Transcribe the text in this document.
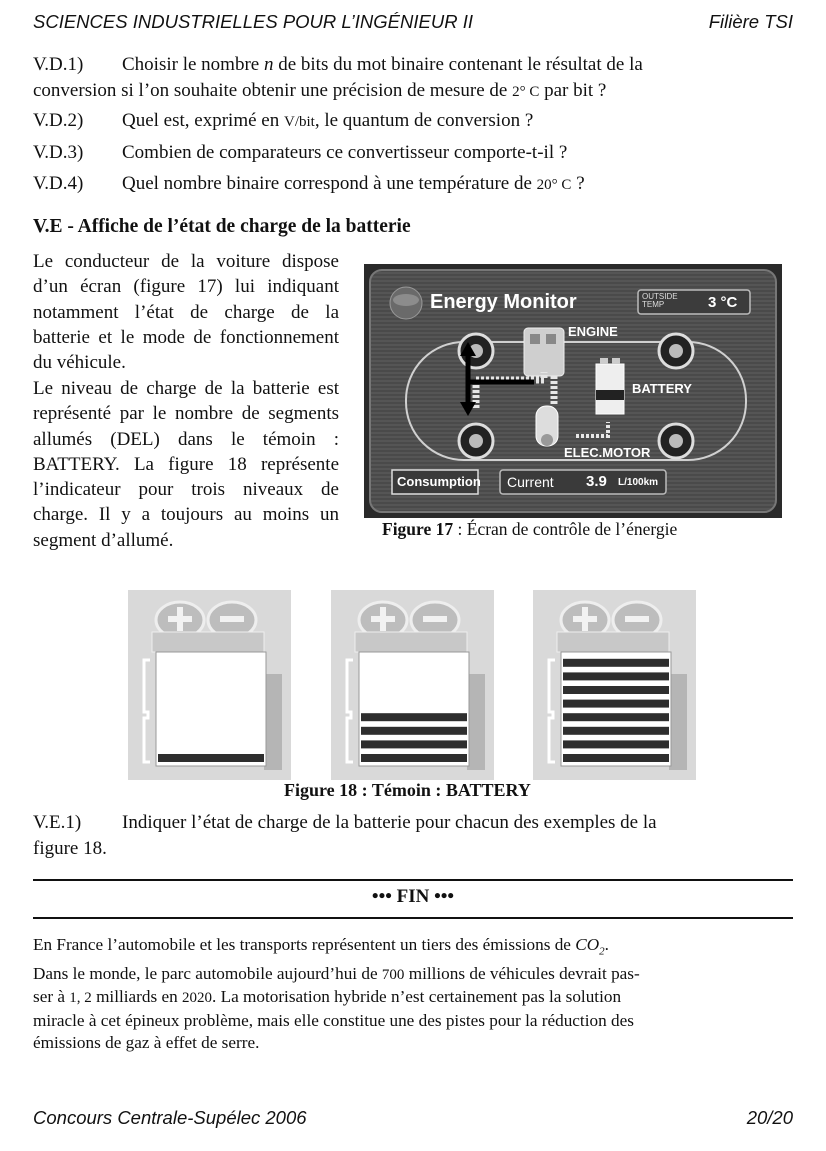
SCIENCES INDUSTRIELLES POUR L’INGÉNIEUR II	Filière TSI
V.D.1) Choisir le nombre n de bits du mot binaire contenant le résultat de la
conversion si l’on souhaite obtenir une précision de mesure de 2° C par bit ?
V.D.2) Quel est, exprimé en V/bit, le quantum de conversion ?
V.D.3) Combien de comparateurs ce convertisseur comporte-t-il ?
V.D.4) Quel nombre binaire correspond à une température de 20° C ?
V.E - Affiche de l’état de charge de la batterie
Le conducteur de la voiture dispose d’un écran (figure 17) lui indiquant notamment l’état de charge de la batterie et le mode de fonctionnement du véhicule.
Le niveau de charge de la batterie est représenté par le nombre de segments allumés (DEL) dans le témoin : BATTERY. La figure 18 représente l’indicateur pour trois niveaux de charge. Il y a toujours au moins un segment d’allumé.
Energy Monitor	OUTSIDE
TEMP	3 °C
ENGINE
BATTERY
ELEC.MOTOR
Consumption Current 3.9 L/100km
Figure 17 : Écran de contrôle de l’énergie
Figure 18 : Témoin : BATTERY
V.E.1) Indiquer l’état de charge de la batterie pour chacun des exemples de la
figure 18.
••• FIN •••
En France l’automobile et les transports représentent un tiers des émissions de $CO_2$.
Dans le monde, le parc automobile aujourd’hui de 700 millions de véhicules devrait pas-
ser à 1, 2 milliards en 2020. La motorisation hybride n’est certainement pas la solution
miracle à cet épineux problème, mais elle constitue une des pistes pour la réduction des
émissions de gaz à effet de serre.
Concours Centrale-Supélec 2006	20/20
